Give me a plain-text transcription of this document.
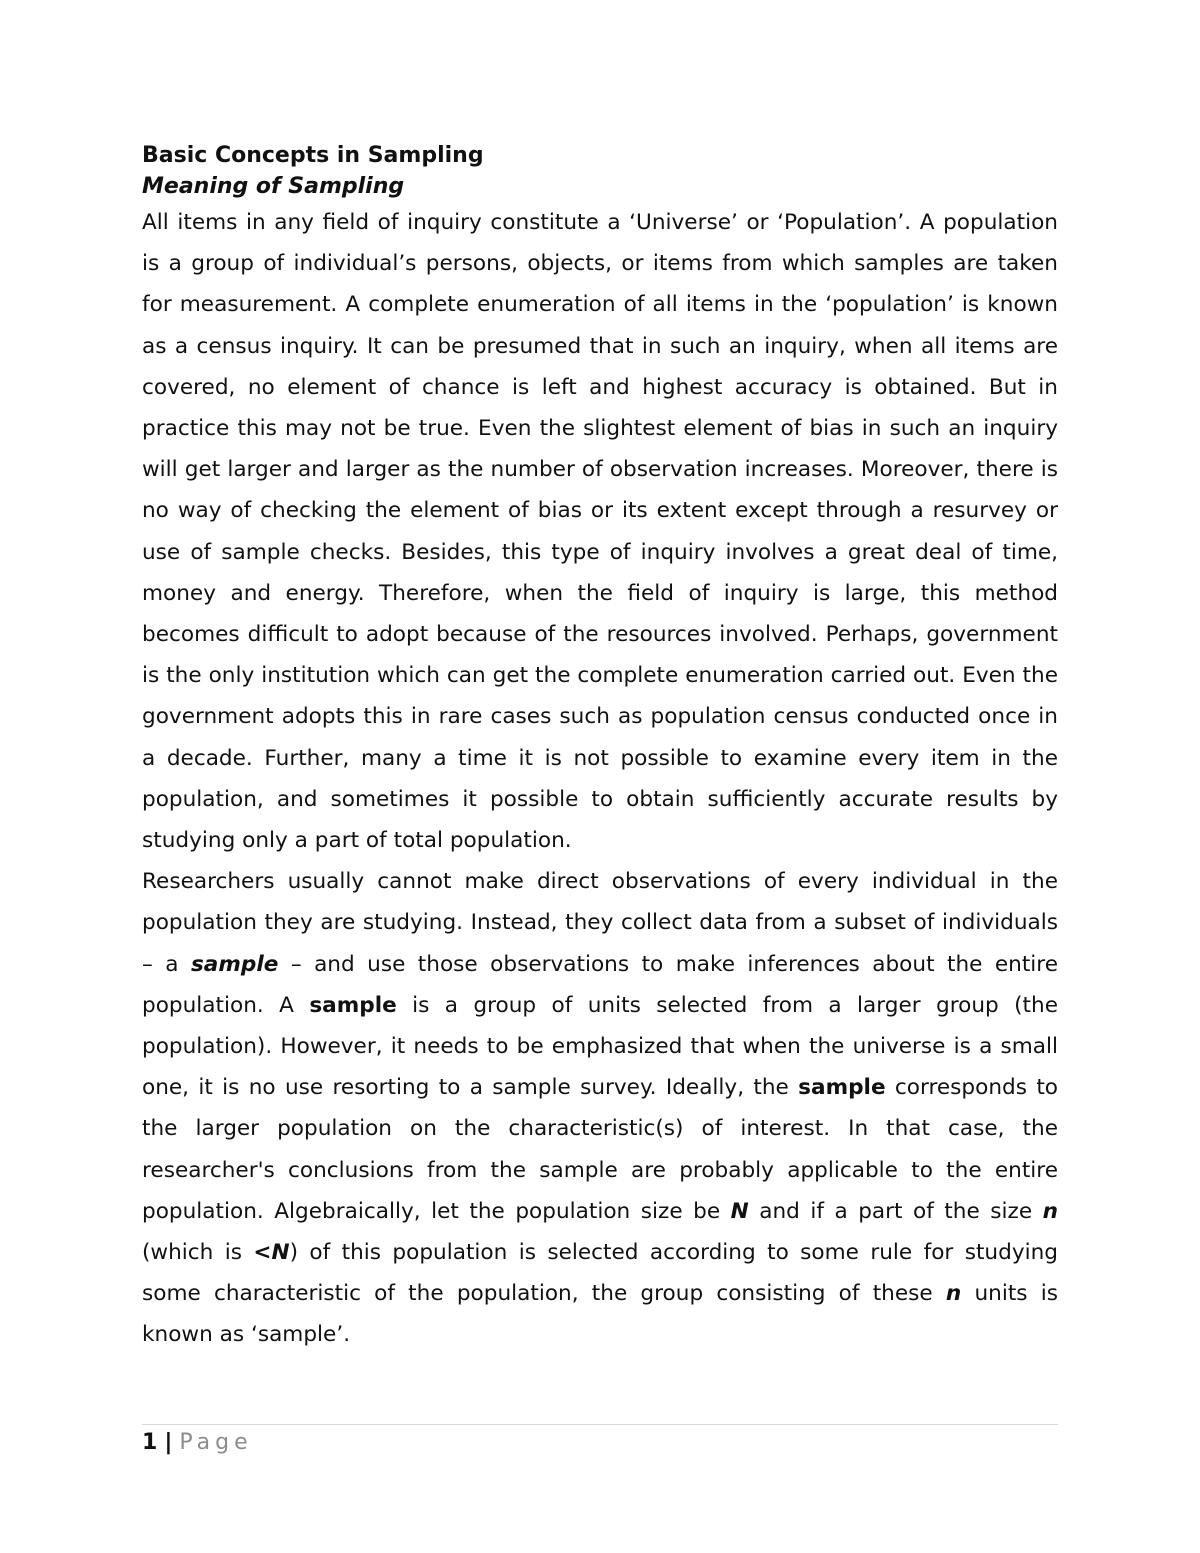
Basic Concepts in Sampling
Meaning of Sampling

All items in any field of inquiry constitute a ‘Universe’ or ‘Population’. A population is a group of individual’s persons, objects, or items from which samples are taken for measurement. A complete enumeration of all items in the ‘population’ is known as a census inquiry. It can be presumed that in such an inquiry, when all items are covered, no element of chance is left and highest accuracy is obtained. But in practice this may not be true. Even the slightest element of bias in such an inquiry will get larger and larger as the number of observation increases. Moreover, there is no way of checking the element of bias or its extent except through a resurvey or use of sample checks. Besides, this type of inquiry involves a great deal of time, money and energy. Therefore, when the field of inquiry is large, this method becomes difficult to adopt because of the resources involved. Perhaps, government is the only institution which can get the complete enumeration carried out. Even the government adopts this in rare cases such as population census conducted once in a decade. Further, many a time it is not possible to examine every item in the population, and sometimes it possible to obtain sufficiently accurate results by studying only a part of total population.

Researchers usually cannot make direct observations of every individual in the population they are studying. Instead, they collect data from a subset of individuals – a sample – and use those observations to make inferences about the entire population. A sample is a group of units selected from a larger group (the population). However, it needs to be emphasized that when the universe is a small one, it is no use resorting to a sample survey. Ideally, the sample corresponds to the larger population on the characteristic(s) of interest. In that case, the researcher's conclusions from the sample are probably applicable to the entire population. Algebraically, let the population size be N and if a part of the size n (which is <N) of this population is selected according to some rule for studying some characteristic of the population, the group consisting of these n units is known as ‘sample’.

1 | Page
